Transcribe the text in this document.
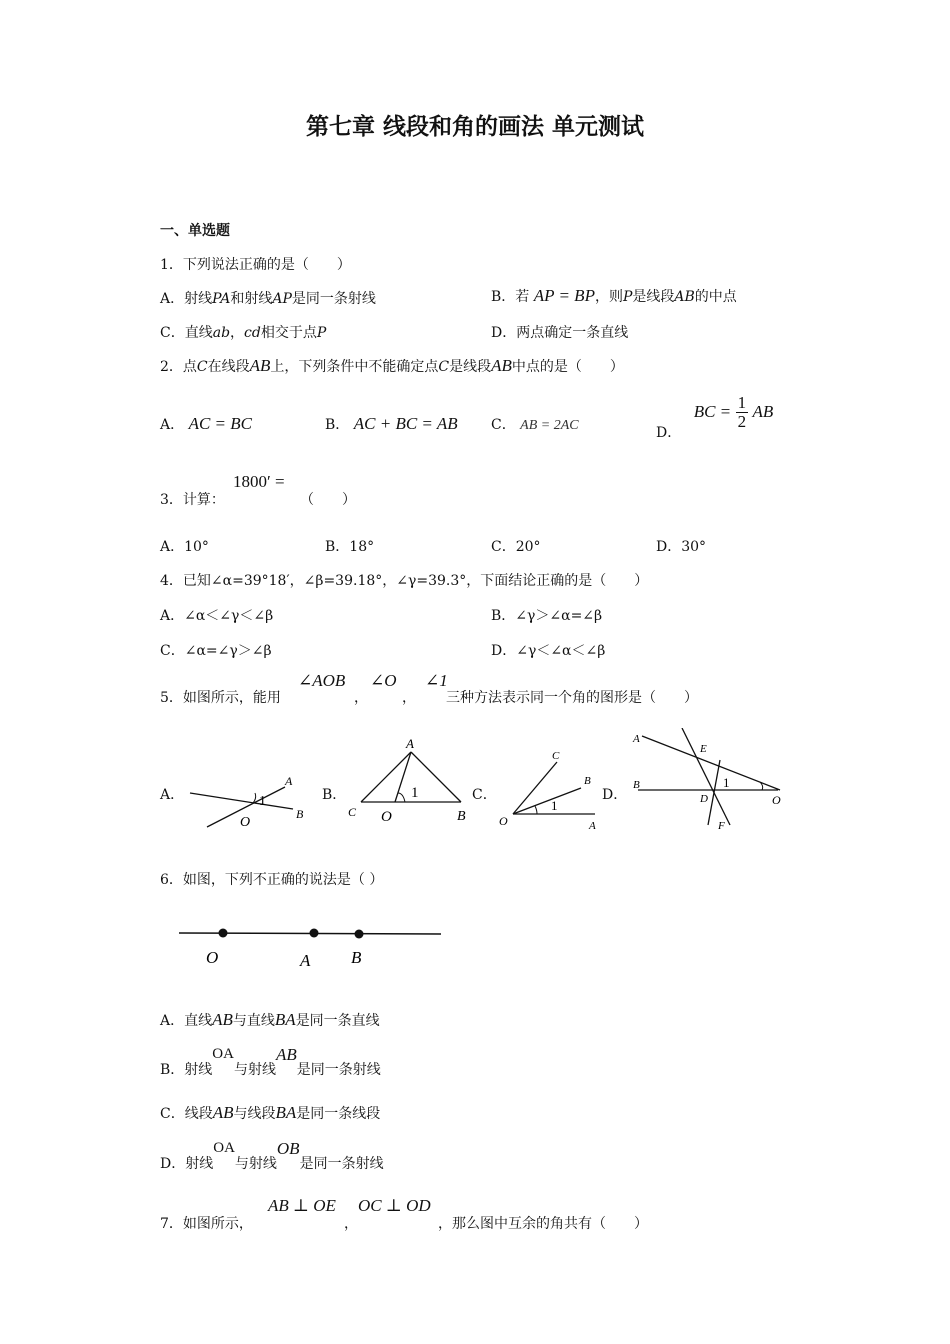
第七章 线段和角的画法 单元测试
一、单选题
1．下列说法正确的是（　　）
A．射线PA和射线AP是同一条射线	B．若 AP = BP，则P是线段AB的中点
C．直线ab，cd相交于点P	D．两点确定一条直线
2．点C在线段AB上，下列条件中不能确定点C是线段AB中点的是（　　）
A． AC = BC	B． AC + BC = AB C． AB = 2AC	D． BC = $\frac{1}{2}$ AB
3．计算：
1800′ =
（　　）
A．10°	B．18°	C．20°	D．30°
4．已知∠α=39°18′，∠β=39.18°，∠γ=39.3°，下面结论正确的是（　　）
A．∠α＜∠γ＜∠β	B．∠γ＞∠α=∠β
C．∠α=∠γ＞∠β	D．∠γ＜∠α＜∠β
5．如图所示，能用
∠AOB
，
∠O
，
∠1
三种方法表示同一个角的图形是（　　）
A．	B．	C．	D．
1
A
B
O
A
1
C O	B
C
B
1
O	A
A
E
B	1
D	O
F
6．如图，下列不正确的说法是（ ）
O	A B
A．直线AB与直线BA是同一条直线
B．射线OA与射线AB是同一条射线
C．线段AB与线段BA是同一条线段
D．射线OA与射线OB是同一条射线
7．如图所示，
AB ⊥ OE
，
OC ⊥ OD
，那么图中互余的角共有（　　）
